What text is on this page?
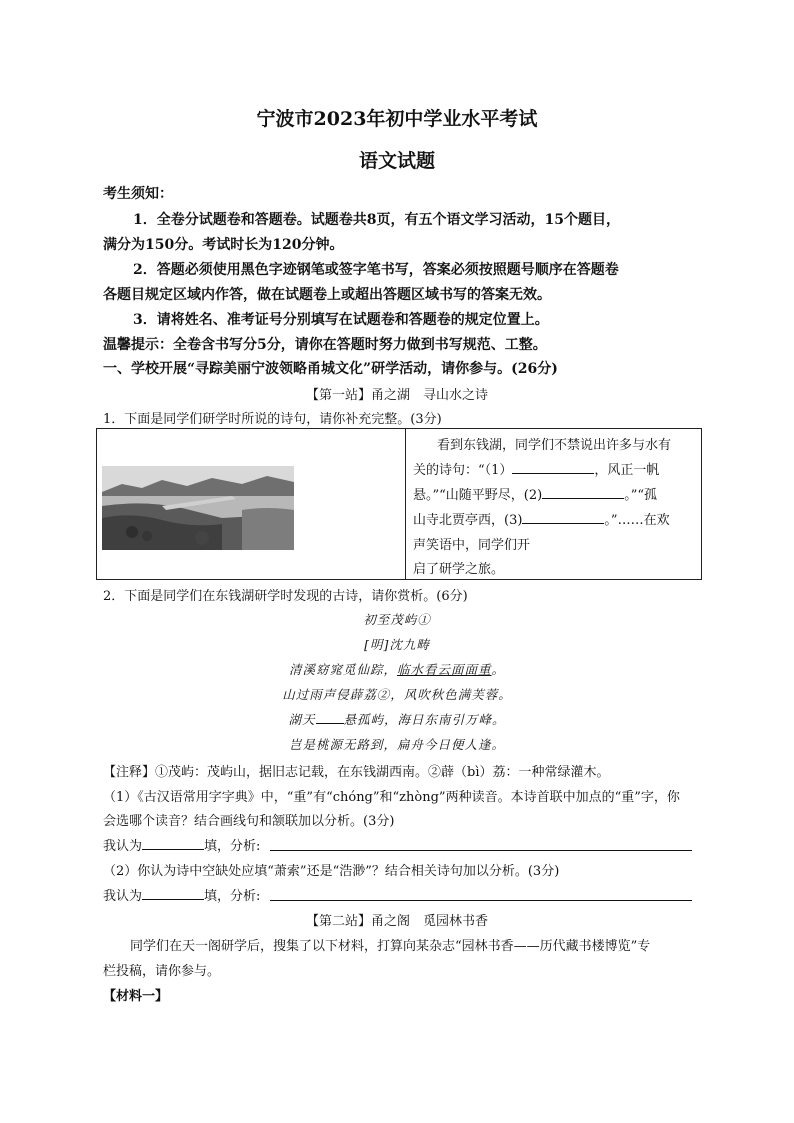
宁波市2023年初中学业水平考试
语文试题
考生须知：
1．全卷分试题卷和答题卷。试题卷共8页，有五个语文学习活动，15个题目，
满分为150分。考试时长为120分钟。
2．答题必须使用黑色字迹钢笔或签字笔书写，答案必须按照题号顺序在答题卷
各题目规定区域内作答，做在试题卷上或超出答题区域书写的答案无效。
3．请将姓名、准考证号分别填写在试题卷和答题卷的规定位置上。
温馨提示：全卷含书写分5分，请你在答题时努力做到书写规范、工整。
一、学校开展“寻踪美丽宁波领略甬城文化”研学活动，请你参与。(26分)
【第一站】甬之湖　寻山水之诗
1．下面是同学们研学时所说的诗句，请你补充完整。(3分)
看到东钱湖，同学们不禁说出许多与水有
关的诗句：“（1）	，风正一帆
悬。”“山随平野尽，(2)	。”“孤
山寺北贾亭西，(3)	。”……在欢
声笑语中，同学们开
启了研学之旅。
2．下面是同学们在东钱湖研学时发现的古诗，请你赏析。(6分)
初至茂屿①
[明]沈九畴
清溪窈窕觅仙踪，临水看云面面重。
山过雨声侵薜荔②，风吹秋色满芙蓉。
湖天 悬孤屿，海日东南引万峰。
岂是桃源无路到，扁舟今日便人逢。
【注释】①茂屿：茂屿山，据旧志记载，在东钱湖西南。②薜（bì）荔：一种常绿灌木。
（1）《古汉语常用字字典》中，“重”有“chóng”和“zhòng”两种读音。本诗首联中加点的“重”字，你
会选哪个读音？结合画线句和颔联加以分析。(3分)
我认为	填，分析:
（2）你认为诗中空缺处应填“萧索”还是“浩渺”？结合相关诗句加以分析。(3分)
我认为	填，分析:
【第二站】甬之阁　觅园林书香
同学们在天一阁研学后，搜集了以下材料，打算向某杂志“园林书香——历代藏书楼博览”专
栏投稿，请你参与。
【材料一】
